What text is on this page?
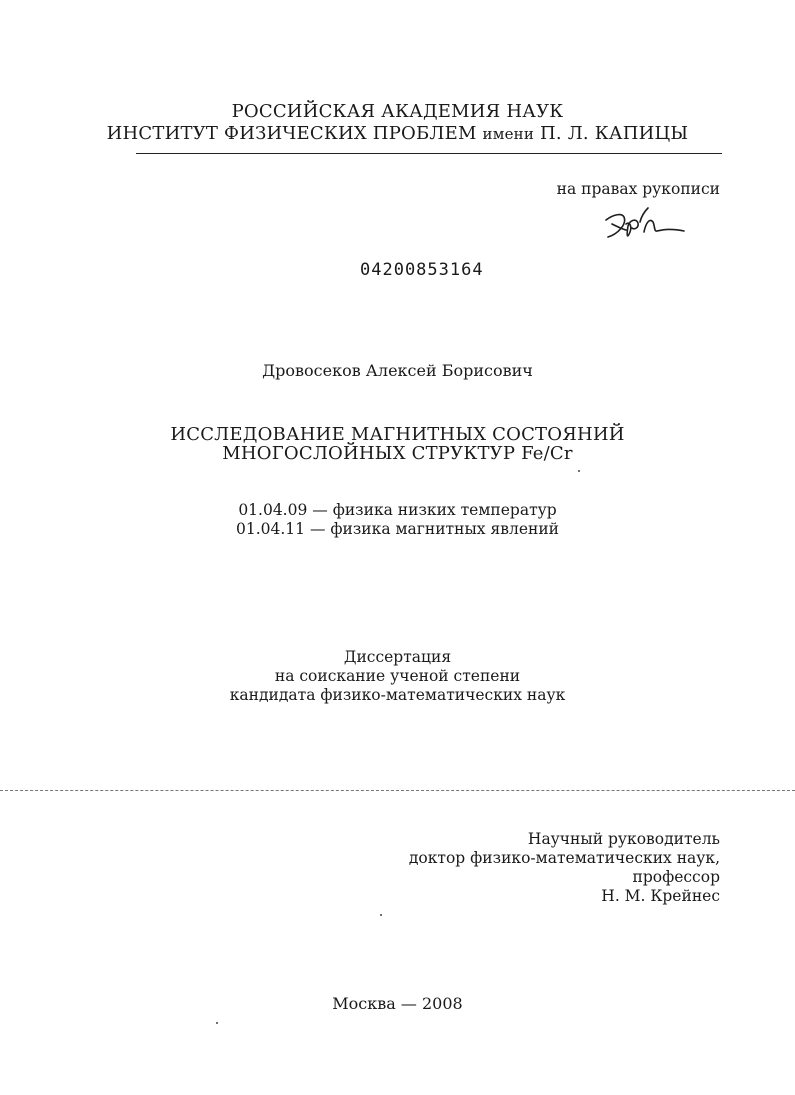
РОССИЙСКАЯ АКАДЕМИЯ НАУК
ИНСТИТУТ ФИЗИЧЕСКИХ ПРОБЛЕМ имени П. Л. КАПИЦЫ
на правах рукописи
04200853164
Дровосеков Алексей Борисович
ИССЛЕДОВАНИЕ МАГНИТНЫХ СОСТОЯНИЙ
МНОГОСЛОЙНЫХ СТРУКТУР Fe/Cr
01.04.09 — физика низких температур
01.04.11 — физика магнитных явлений
Диссертация
на соискание ученой степени
кандидата физико-математических наук
Научный руководитель
доктор физико-математических наук,
профессор
Н. М. Крейнес
Москва — 2008
